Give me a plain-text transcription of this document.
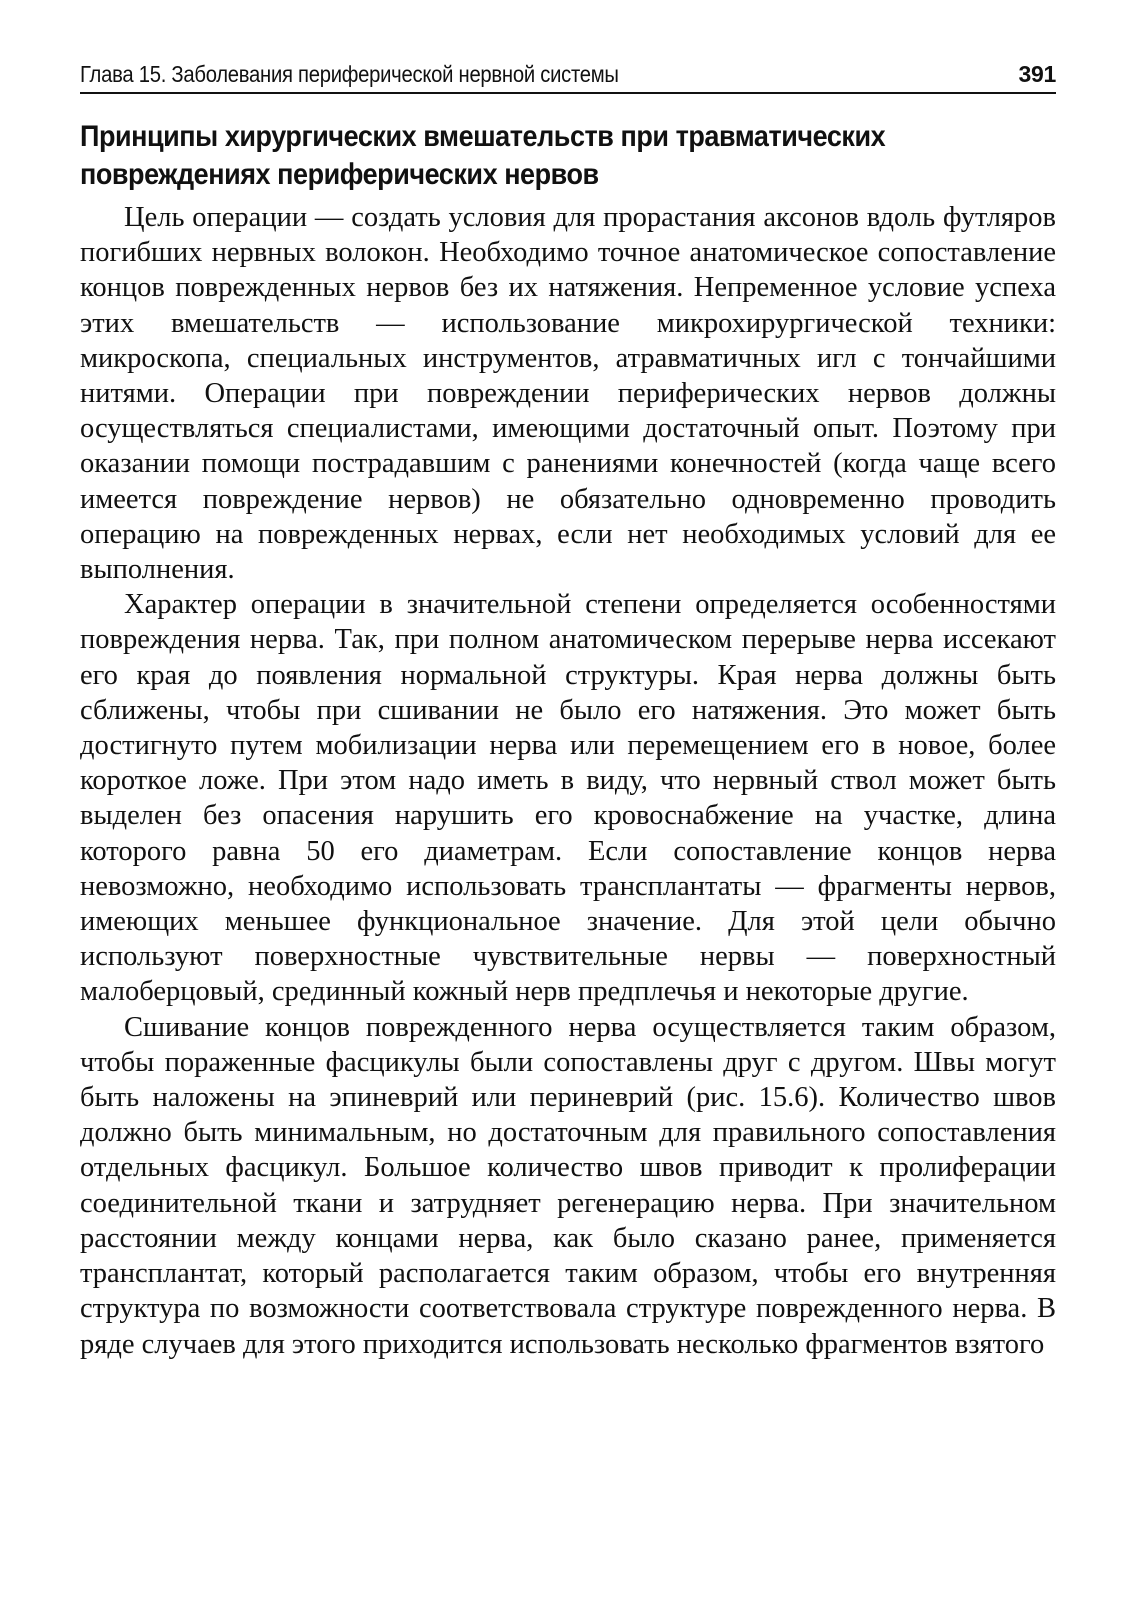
Глава 15. Заболевания периферической нервной системы	391
Принципы хирургических вмешательств при травматических повреждениях периферических нервов

Цель операции — создать условия для прорастания аксонов вдоль футляров погибших нервных волокон. Необходимо точное анатомическое сопоставление концов поврежденных нервов без их натяжения. Непременное условие успеха этих вмешательств — использование микрохирургической техники: микроскопа, специальных инструментов, атравматичных игл с тончайшими нитями. Операции при повреждении периферических нервов должны осуществляться специалистами, имеющими достаточный опыт. Поэтому при оказании помощи пострадавшим с ранениями конечностей (когда чаще всего имеется повреждение нервов) не обязательно одновременно проводить операцию на поврежденных нервах, если нет необходимых условий для ее выполнения.

Характер операции в значительной степени определяется особенностями повреждения нерва. Так, при полном анатомическом перерыве нерва иссекают его края до появления нормальной структуры. Края нерва должны быть сближены, чтобы при сшивании не было его натяжения. Это может быть достигнуто путем мобилизации нерва или перемещением его в новое, более короткое ложе. При этом надо иметь в виду, что нервный ствол может быть выделен без опасения нарушить его кровоснабжение на участке, длина которого равна 50 его диаметрам. Если сопоставление концов нерва невозможно, необходимо использовать трансплантаты — фрагменты нервов, имеющих меньшее функциональное значение. Для этой цели обычно используют поверхностные чувствительные нервы — поверхностный малоберцовый, срединный кожный нерв предплечья и некоторые другие.

Сшивание концов поврежденного нерва осуществляется таким образом, чтобы пораженные фасцикулы были сопоставлены друг с другом. Швы могут быть наложены на эпиневрий или периневрий (рис. 15.6). Количество швов должно быть минимальным, но достаточным для правильного сопоставления отдельных фасцикул. Большое количество швов приводит к пролиферации соединительной ткани и затрудняет регенерацию нерва. При значительном расстоянии между концами нерва, как было сказано ранее, применяется трансплантат, который располагается таким образом, чтобы его внутренняя структура по возможности соответствовала структуре поврежденного нерва. В ряде случаев для этого приходится использовать несколько фрагментов взятого
